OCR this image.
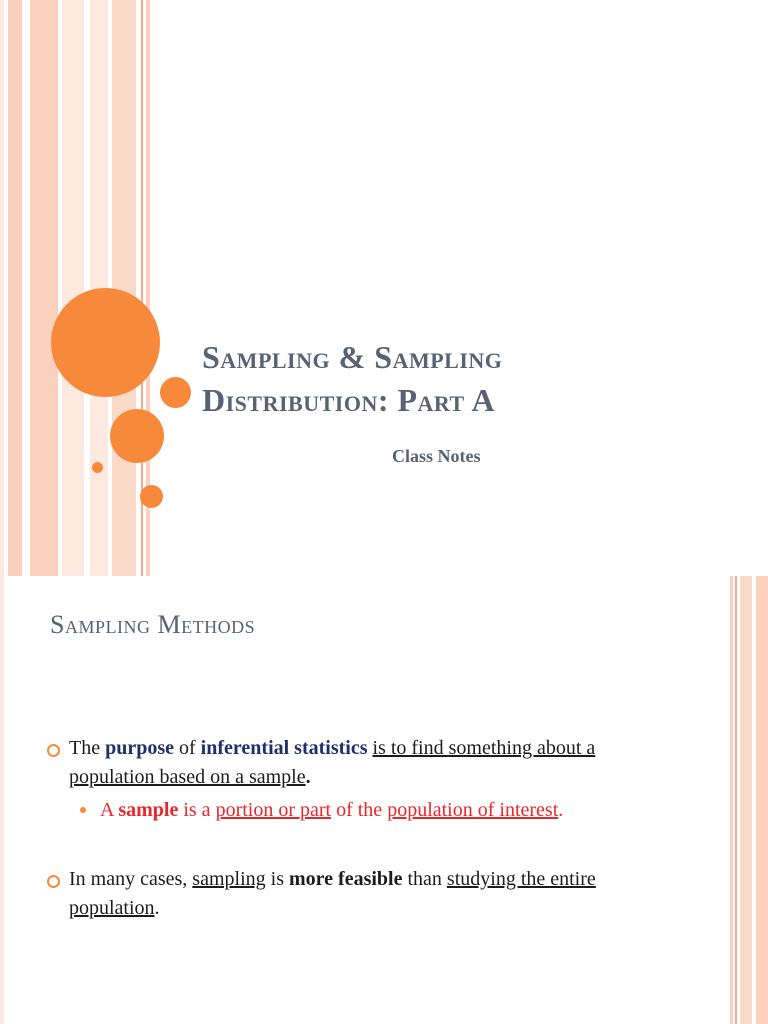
Sampling & Sampling
Distribution: Part A

Class Notes

Sampling Methods
The purpose of inferential statistics is to find something about a
population based on a sample.
A sample is a portion or part of the population of interest.
In many cases, sampling is more feasible than studying the entire
population.
